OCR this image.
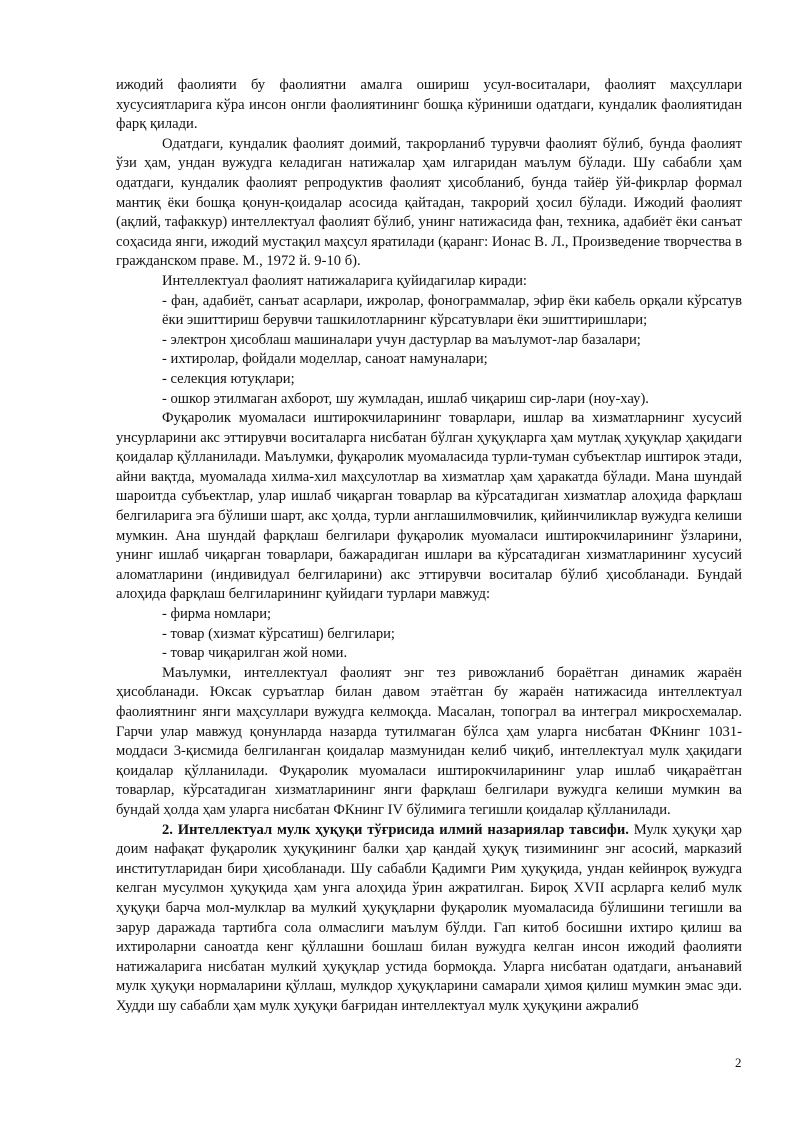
ижодий фаолияти бу фаолиятни амалга ошириш усул-воситалари, фаолият маҳсуллари хусусиятларига кўра инсон онгли фаолиятининг бошқа кўриниши одатдаги, кундалик фаолиятидан фарқ қилади.

Одатдаги, кундалик фаолият доимий, такрорланиб турувчи фаолият бўлиб, бунда фаолият ўзи ҳам, ундан вужудга келадиган натижалар ҳам илгаридан маълум бўлади. Шу сабабли ҳам одатдаги, кундалик фаолият репродуктив фаолият ҳисобланиб, бунда тайёр ўй-фикрлар формал мантиқ ёки бошқа қонун-қоидалар асосида қайтадан, такрорий ҳосил бўлади. Ижодий фаолият (ақлий, тафаккур) интеллектуал фаолият бўлиб, унинг натижасида фан, техника, адабиёт ёки санъат соҳасида янги, ижодий мустақил маҳсул яратилади (қаранг: Ионас В. Л., Произведение творчества в гражданском праве. М., 1972 й. 9-10 б).

Интеллектуал фаолият натижаларига қуйидагилар киради:

- фан, адабиёт, санъат асарлари, ижролар, фонограммалар, эфир ёки кабель орқали кўрсатув ёки эшиттириш берувчи ташкилотларнинг кўрсатувлари ёки эшиттиришлари;

- электрон ҳисоблаш машиналари учун дастурлар ва маълумот-лар базалари;

- ихтиролар, фойдали моделлар, саноат намуналари;

- селекция ютуқлари;

- ошкор этилмаган ахборот, шу жумладан, ишлаб чиқариш сир-лари (ноу-хау).

Фуқаролик муомаласи иштирокчиларининг товарлари, ишлар ва хизматларнинг хусусий унсурларини акс эттирувчи воситаларга нисбатан бўлган ҳуқуқларга ҳам мутлақ ҳуқуқлар ҳақидаги қоидалар қўлланилади. Маълумки, фуқаролик муомаласида турли-туман субъектлар иштирок этади, айни вақтда, муомалада хилма-хил маҳсулотлар ва хизматлар ҳам ҳаракатда бўлади. Мана шундай шароитда субъектлар, улар ишлаб чиқарган товарлар ва кўрсатадиган хизматлар алоҳида фарқлаш белгиларига эга бўлиши шарт, акс ҳолда, турли англашилмовчилик, қийинчиликлар вужудга келиши мумкин. Ана шундай фарқлаш белгилари фуқаролик муомаласи иштирокчиларининг ўзларини, унинг ишлаб чиқарган товарлари, бажарадиган ишлари ва кўрсатадиган хизматларининг хусусий аломатларини (индивидуал белгиларини) акс эттирувчи воситалар бўлиб ҳисобланади. Бундай алоҳида фарқлаш белгиларининг қуйидаги турлари мавжуд:

- фирма номлари;

- товар (хизмат кўрсатиш) белгилари;

- товар чиқарилган жой номи.

Маълумки, интеллектуал фаолият энг тез ривожланиб бораётган динамик жараён ҳисобланади. Юксак суръатлар билан давом этаётган бу жараён натижасида интеллектуал фаолиятнинг янги маҳсуллари вужудга келмоқда. Масалан, топограл ва интеграл микросхемалар. Гарчи улар мавжуд қонунларда назарда тутилмаган бўлса ҳам уларга нисбатан ФКнинг 1031-моддаси 3-қисмида белгиланган қоидалар мазмунидан келиб чиқиб, интеллектуал мулк ҳақидаги қоидалар қўлланилади. Фуқаролик муомаласи иштирокчиларининг улар ишлаб чиқараётган товарлар, кўрсатадиган хизматларининг янги фарқлаш белгилари вужудга келиши мумкин ва бундай ҳолда ҳам уларга нисбатан ФКнинг IV бўлимига тегишли қоидалар қўлланилади.

2. Интеллектуал мулк ҳуқуқи тўғрисида илмий назариялар тавсифи. Мулк ҳуқуқи ҳар доим нафақат фуқаролик ҳуқуқининг балки ҳар қандай ҳуқуқ тизимининг энг асосий, марказий институтларидан бири ҳисобланади. Шу сабабли Қадимги Рим ҳуқуқида, ундан кейинроқ вужудга келган мусулмон ҳуқуқида ҳам унга алоҳида ўрин ажратилган. Бироқ XVII асрларга келиб мулк ҳуқуқи барча мол-мулклар ва мулкий ҳуқуқларни фуқаролик муомаласида бўлишини тегишли ва зарур даражада тартибга сола олмаслиги маълум бўлди. Гап китоб босишни ихтиро қилиш ва ихтироларни саноатда кенг қўллашни бошлаш билан вужудга келган инсон ижодий фаолияти натижаларига нисбатан мулкий ҳуқуқлар устида бормоқда. Уларга нисбатан одатдаги, анъанавий мулк ҳуқуқи нормаларини қўллаш, мулкдор ҳуқуқларини самарали ҳимоя қилиш мумкин эмас эди. Худди шу сабабли ҳам мулк ҳуқуқи бағридан интеллектуал мулк ҳуқуқини ажралиб

2
